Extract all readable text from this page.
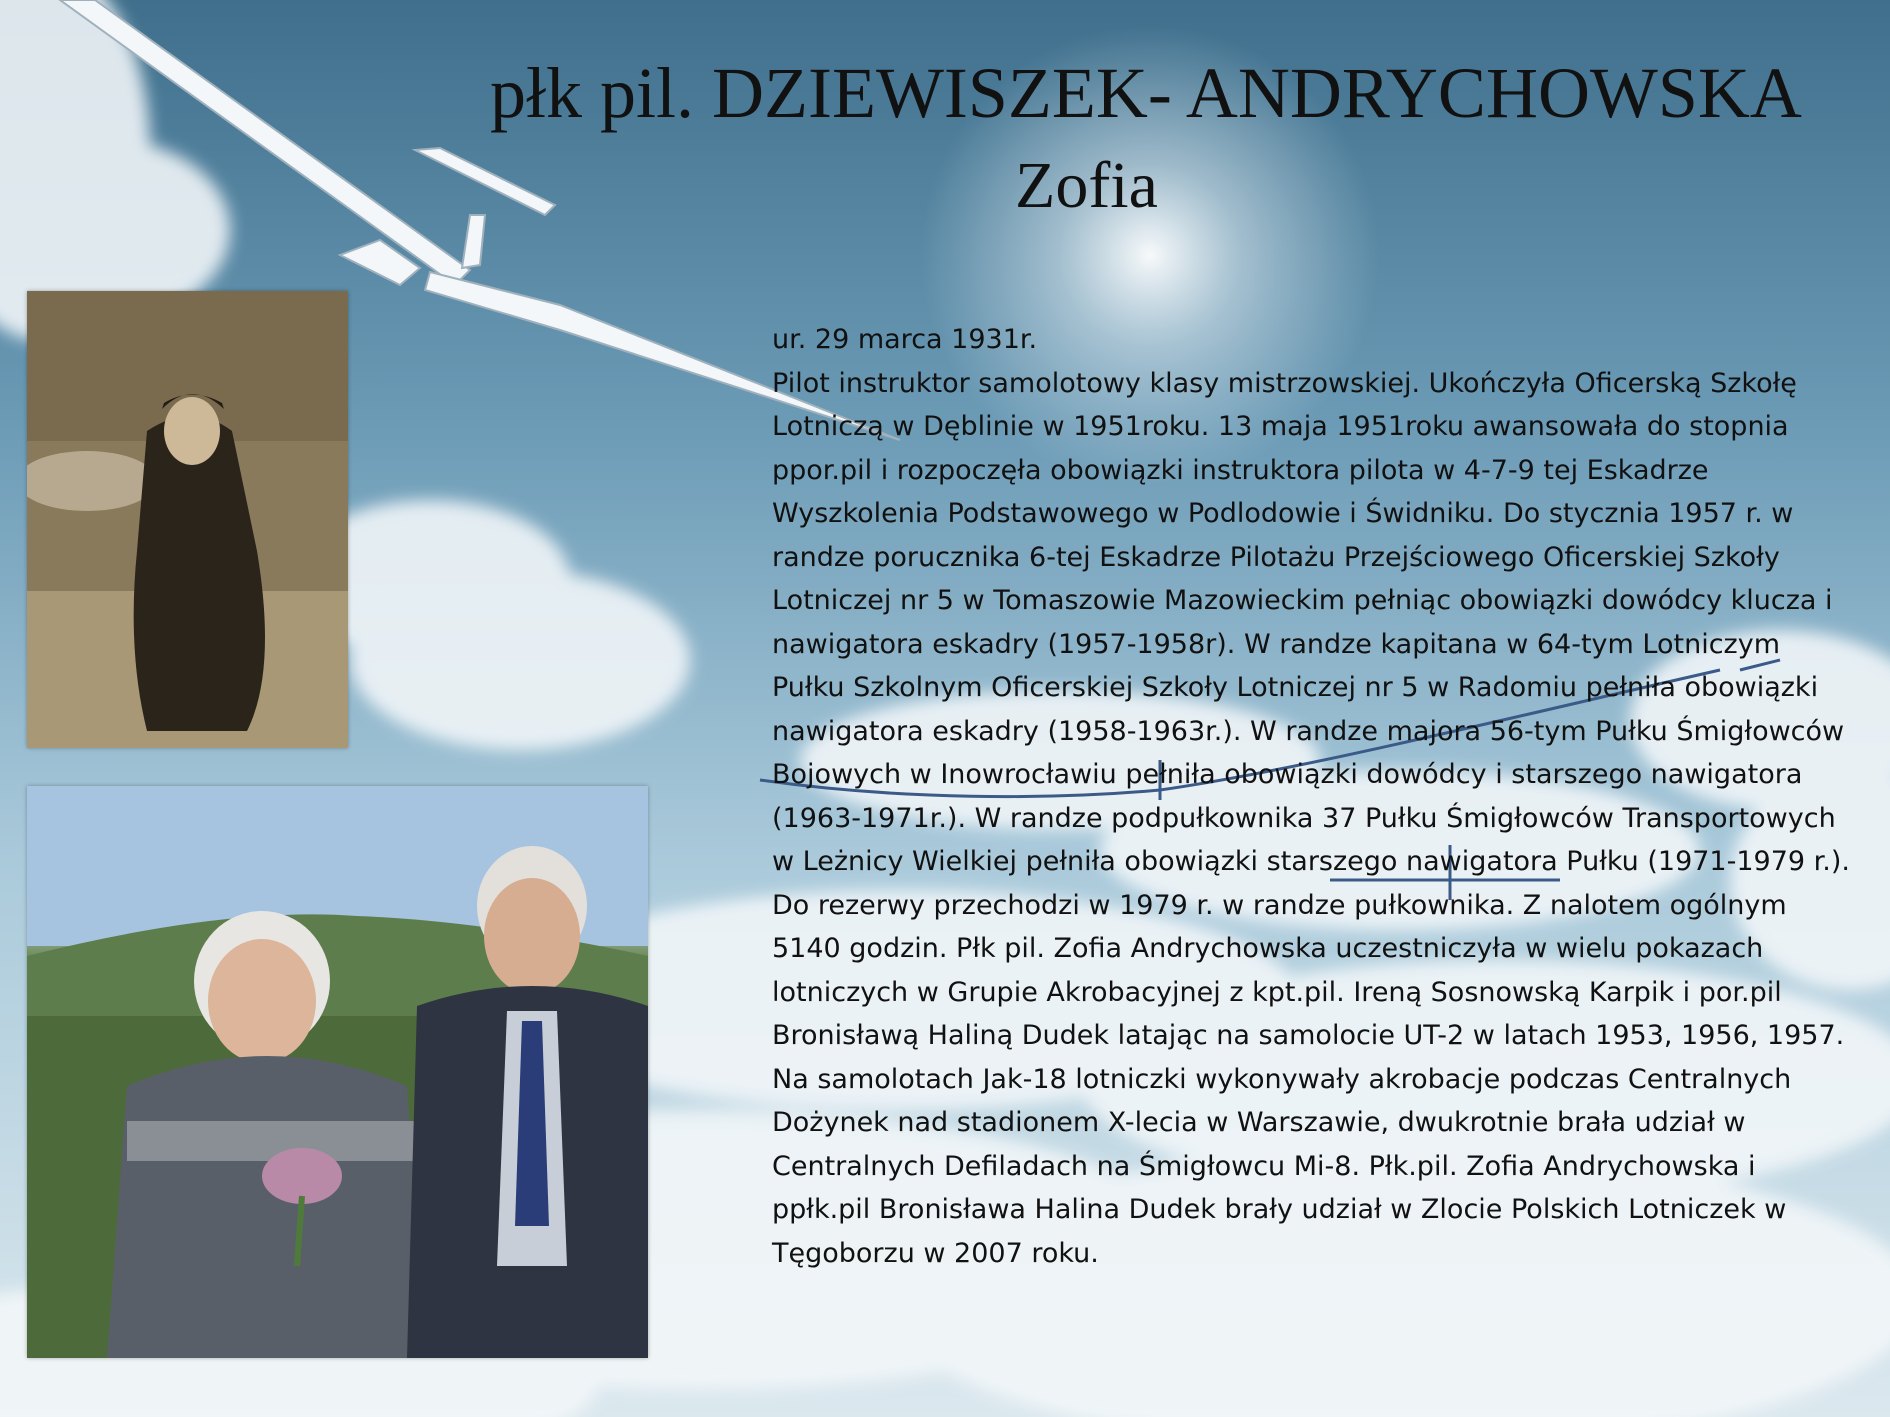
płk pil. DZIEWISZEK- ANDRYCHOWSKA
Zofia

ur. 29 marca 1931r.

Pilot instruktor samolotowy klasy mistrzowskiej. Ukończyła Oficerską Szkołę Lotniczą w Dęblinie w 1951roku. 13 maja 1951roku awansowała do stopnia ppor.pil i rozpoczęła obowiązki instruktora pilota w 4-7-9 tej Eskadrze Wyszkolenia Podstawowego w Podlodowie i Świdniku. Do stycznia 1957 r. w randze porucznika 6-tej Eskadrze Pilotażu Przejściowego Oficerskiej Szkoły Lotniczej nr 5 w Tomaszowie Mazowieckim pełniąc obowiązki dowódcy klucza i nawigatora eskadry (1957-1958r). W randze kapitana w 64-tym Lotniczym Pułku Szkolnym Oficerskiej Szkoły Lotniczej nr 5 w Radomiu pełniła obowiązki nawigatora eskadry (1958-1963r.). W randze majora 56-tym Pułku Śmigłowców Bojowych w Inowrocławiu pełniła obowiązki dowódcy i starszego nawigatora (1963-1971r.). W randze podpułkownika 37 Pułku Śmigłowców Transportowych w Leżnicy Wielkiej pełniła obowiązki starszego nawigatora Pułku (1971-1979 r.). Do rezerwy przechodzi w 1979 r. w randze pułkownika. Z nalotem ogólnym 5140 godzin. Płk pil. Zofia Andrychowska uczestniczyła w wielu pokazach lotniczych w Grupie Akrobacyjnej z kpt.pil. Ireną Sosnowską Karpik i por.pil Bronisławą Haliną Dudek latając na samolocie UT-2 w latach 1953, 1956, 1957. Na samolotach Jak-18 lotniczki wykonywały akrobacje podczas Centralnych Dożynek nad stadionem X-lecia w Warszawie, dwukrotnie brała udział w Centralnych Defiladach na Śmigłowcu Mi-8. Płk.pil. Zofia Andrychowska i ppłk.pil Bronisława Halina Dudek brały udział w Zlocie Polskich Lotniczek w Tęgoborzu w 2007 roku.
